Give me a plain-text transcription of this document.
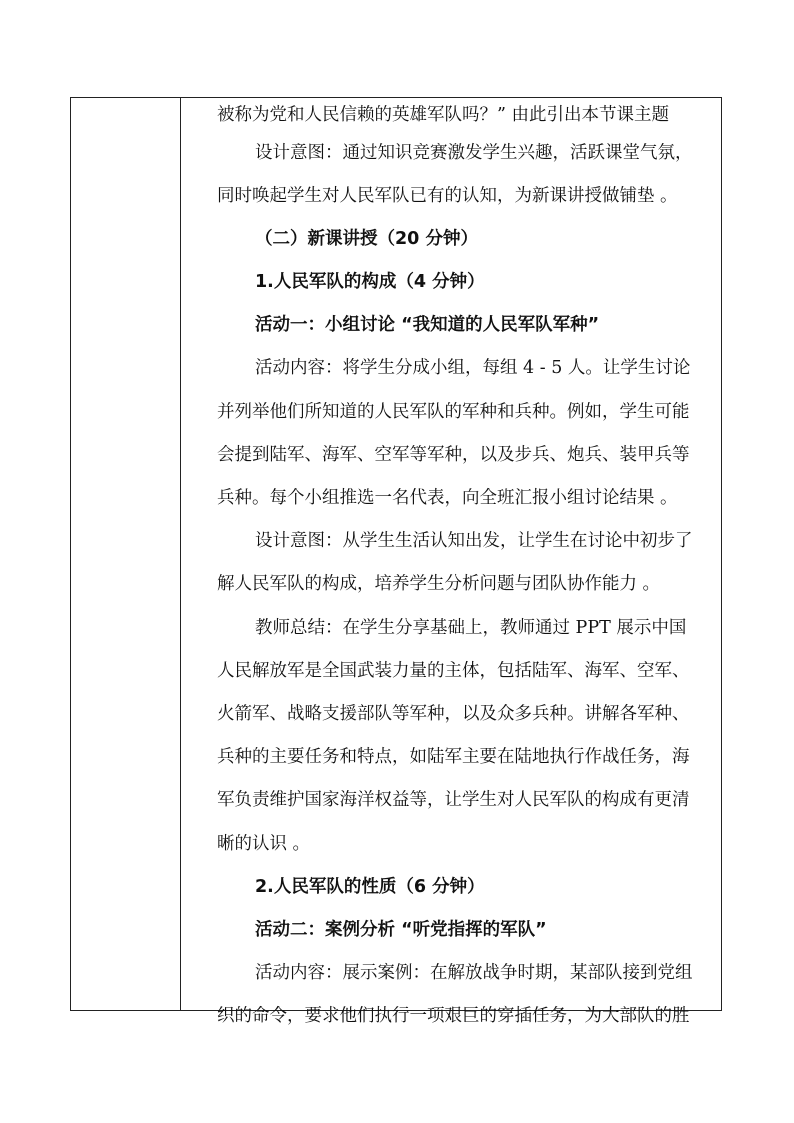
被称为党和人民信赖的英雄军队吗？” 由此引出本节课主题
设计意图：通过知识竞赛激发学生兴趣，活跃课堂气氛，
同时唤起学生对人民军队已有的认知，为新课讲授做铺垫 。
（二）新课讲授（20 分钟）
1.人民军队的构成（4 分钟）
活动一：小组讨论 “我知道的人民军队军种”
活动内容：将学生分成小组，每组 4 - 5 人。让学生讨论
并列举他们所知道的人民军队的军种和兵种。例如，学生可能
会提到陆军、海军、空军等军种，以及步兵、炮兵、装甲兵等
兵种。每个小组推选一名代表，向全班汇报小组讨论结果 。
设计意图：从学生生活认知出发，让学生在讨论中初步了
解人民军队的构成，培养学生分析问题与团队协作能力 。
教师总结：在学生分享基础上，教师通过 PPT 展示中国
人民解放军是全国武装力量的主体，包括陆军、海军、空军、
火箭军、战略支援部队等军种，以及众多兵种。讲解各军种、
兵种的主要任务和特点，如陆军主要在陆地执行作战任务，海
军负责维护国家海洋权益等，让学生对人民军队的构成有更清
晰的认识 。
2.人民军队的性质（6 分钟）
活动二：案例分析 “听党指挥的军队”
活动内容：展示案例：在解放战争时期，某部队接到党组
织的命令，要求他们执行一项艰巨的穿插任务，为大部队的胜
